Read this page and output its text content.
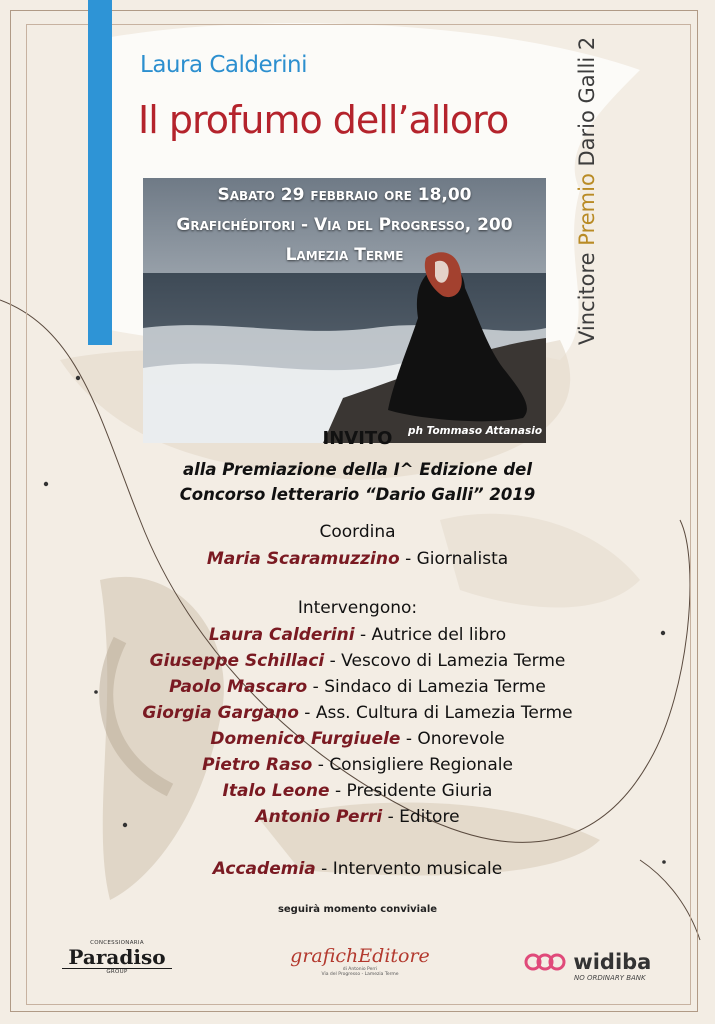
Laura Calderini
Il profumo dell’alloro
Vincitore Premio Dario Galli 2
Sabato 29 febbraio ore 18,00
Grafichéditori - Via del Progresso, 200
Lamezia Terme
ph Tommaso Attanasio
INVITO
alla Premiazione della I^ Edizione del
Concorso letterario “Dario Galli” 2019
Coordina
Maria Scaramuzzino - Giornalista
Intervengono:
Laura Calderini - Autrice del libro
Giuseppe Schillaci - Vescovo di Lamezia Terme
Paolo Mascaro - Sindaco di Lamezia Terme
Giorgia Gargano - Ass. Cultura di Lamezia Terme
Domenico Furgiuele - Onorevole
Pietro Raso - Consigliere Regionale
Italo Leone - Presidente Giuria
Antonio Perri - Editore
Accademia - Intervento musicale
seguirà momento conviviale
CONCESSIONARIA
Paradiso
GROUP
grafichEditore
di Antonio Perri
Via del Progresso - Lamezia Terme
widiba
NO ORDINARY BANK
